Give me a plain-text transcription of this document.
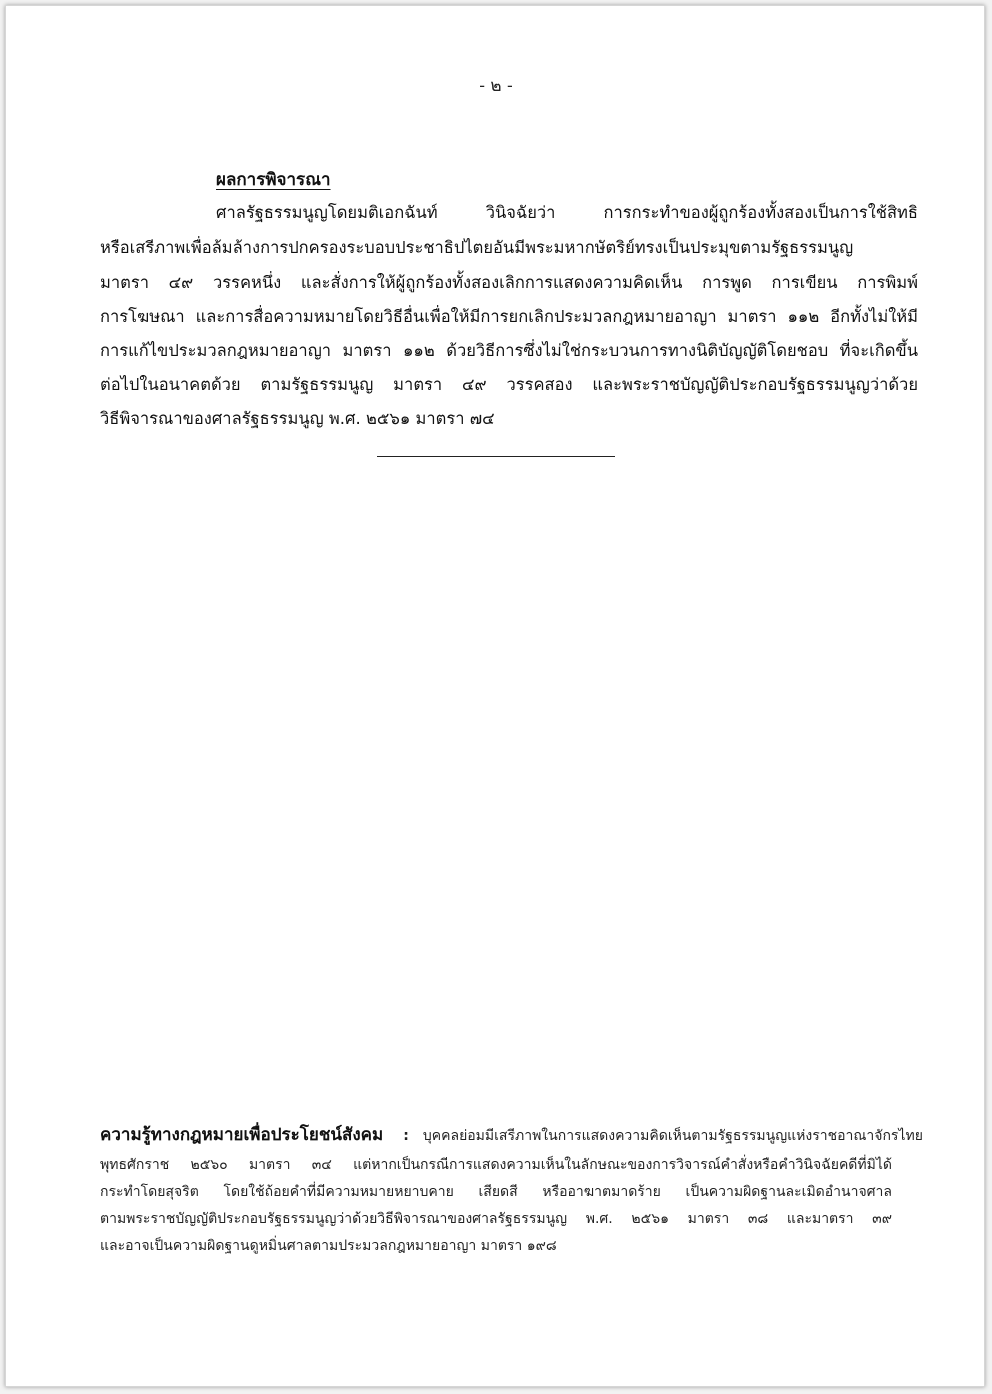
- ๒ -
ผลการพิจารณา
ศาลรัฐธรรมนูญโดยมติเอกฉันท์ วินิจฉัยว่า การกระทำของผู้ถูกร้องทั้งสองเป็นการใช้สิทธิ
หรือเสรีภาพเพื่อล้มล้างการปกครองระบอบประชาธิปไตยอันมีพระมหากษัตริย์ทรงเป็นประมุขตามรัฐธรรมนูญ
มาตรา ๔๙ วรรคหนึ่ง และสั่งการให้ผู้ถูกร้องทั้งสองเลิกการแสดงความคิดเห็น การพูด การเขียน การพิมพ์
การโฆษณา และการสื่อความหมายโดยวิธีอื่นเพื่อให้มีการยกเลิกประมวลกฎหมายอาญา มาตรา ๑๑๒ อีกทั้งไม่ให้มี
การแก้ไขประมวลกฎหมายอาญา มาตรา ๑๑๒ ด้วยวิธีการซึ่งไม่ใช่กระบวนการทางนิติบัญญัติโดยชอบ ที่จะเกิดขึ้น
ต่อไปในอนาคตด้วย ตามรัฐธรรมนูญ มาตรา ๔๙ วรรคสอง และพระราชบัญญัติประกอบรัฐธรรมนูญว่าด้วย
วิธีพิจารณาของศาลรัฐธรรมนูญ พ.ศ. ๒๕๖๑ มาตรา ๗๔
ความรู้ทางกฎหมายเพื่อประโยชน์สังคม : บุคคลย่อมมีเสรีภาพในการแสดงความคิดเห็นตามรัฐธรรมนูญแห่งราชอาณาจักรไทย
พุทธศักราช ๒๕๖๐ มาตรา ๓๔ แต่หากเป็นกรณีการแสดงความเห็นในลักษณะของการวิจารณ์คำสั่งหรือคำวินิจฉัยคดีที่มิได้
กระทำโดยสุจริต โดยใช้ถ้อยคำที่มีความหมายหยาบคาย เสียดสี หรืออาฆาตมาดร้าย เป็นความผิดฐานละเมิดอำนาจศาล
ตามพระราชบัญญัติประกอบรัฐธรรมนูญว่าด้วยวิธีพิจารณาของศาลรัฐธรรมนูญ พ.ศ. ๒๕๖๑ มาตรา ๓๘ และมาตรา ๓๙
และอาจเป็นความผิดฐานดูหมิ่นศาลตามประมวลกฎหมายอาญา มาตรา ๑๙๘
